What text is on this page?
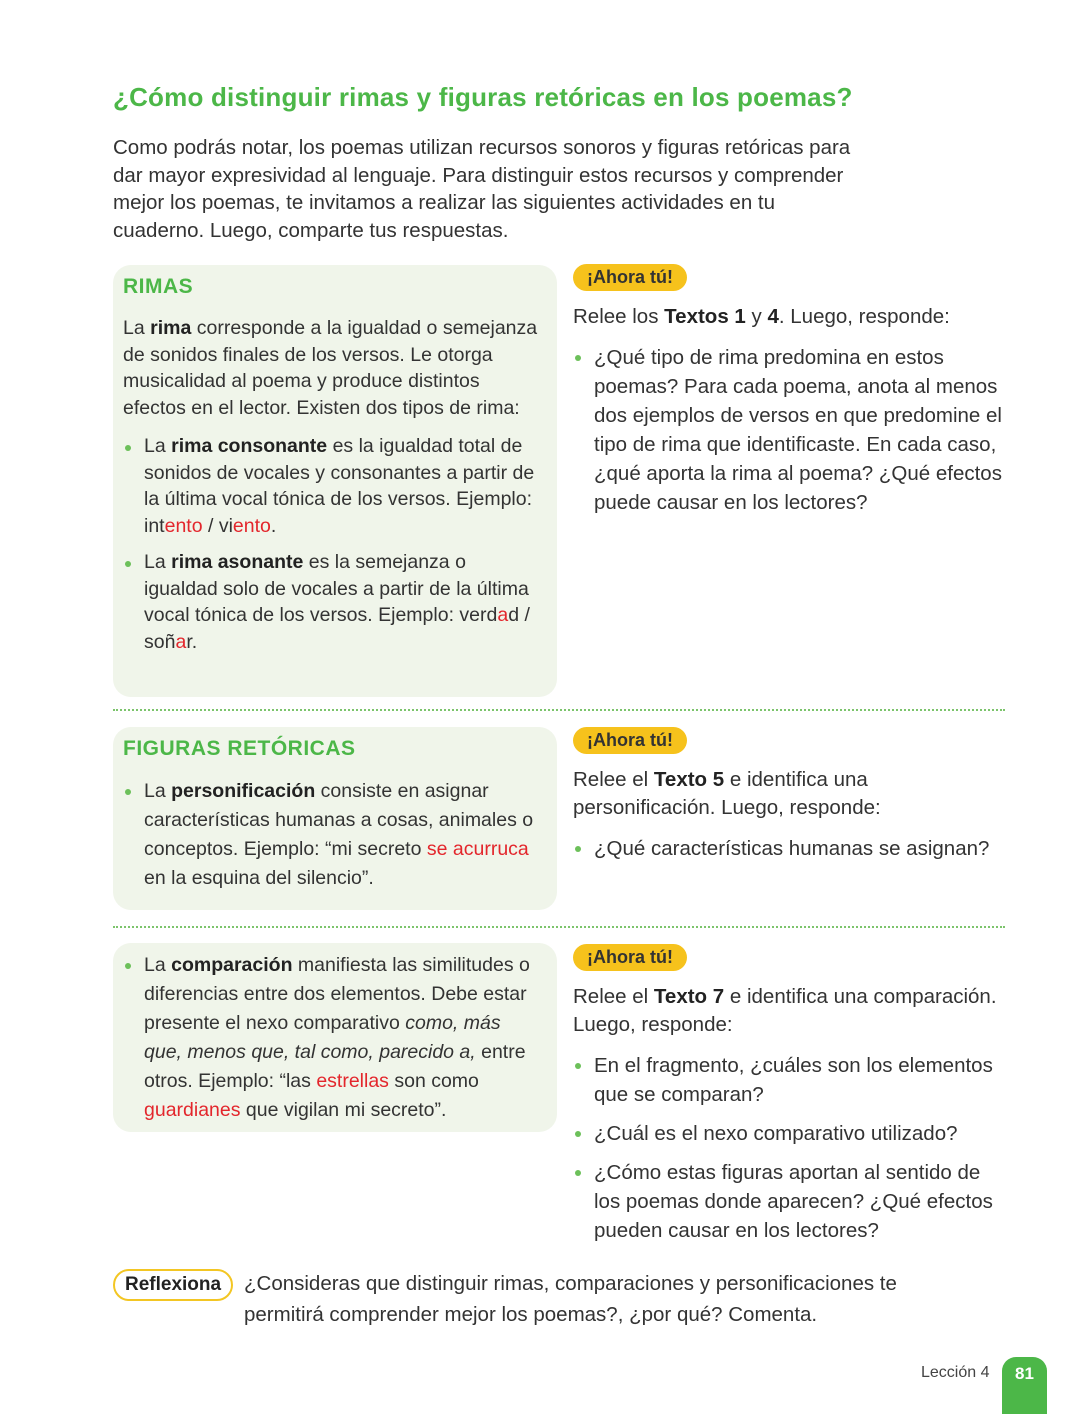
¿Cómo distinguir rimas y figuras retóricas en los poemas?
Como podrás notar, los poemas utilizan recursos sonoros y figuras retóricas para dar mayor expresividad al lenguaje. Para distinguir estos recursos y comprender mejor los poemas, te invitamos a realizar las siguientes actividades en tu cuaderno. Luego, comparte tus respuestas.
RIMAS

La rima corresponde a la igualdad o semejanza de sonidos finales de los versos. Le otorga musicalidad al poema y produce distintos efectos en el lector. Existen dos tipos de rima:

La rima consonante es la igualdad total de sonidos de vocales y consonantes a partir de la última vocal tónica de los versos. Ejemplo: intento / viento.
La rima asonante es la semejanza o igualdad solo de vocales a partir de la última vocal tónica de los versos. Ejemplo: verdad / soñar.
¡Ahora tú!

Relee los Textos 1 y 4. Luego, responde:

¿Qué tipo de rima predomina en estos poemas? Para cada poema, anota al menos dos ejemplos de versos en que predomine el tipo de rima que identificaste. En cada caso, ¿qué aporta la rima al poema? ¿Qué efectos puede causar en los lectores?
FIGURAS RETÓRICAS
La personificación consiste en asignar características humanas a cosas, animales o conceptos. Ejemplo: “mi secreto se acurruca en la esquina del silencio”.
¡Ahora tú!

Relee el Texto 5 e identifica una personificación. Luego, responde:

¿Qué características humanas se asignan?
La comparación manifiesta las similitudes o diferencias entre dos elementos. Debe estar presente el nexo comparativo como, más que, menos que, tal como, parecido a, entre otros. Ejemplo: “las estrellas son como guardianes que vigilan mi secreto”.
¡Ahora tú!

Relee el Texto 7 e identifica una comparación. Luego, responde:

En el fragmento, ¿cuáles son los elementos que se comparan?
¿Cuál es el nexo comparativo utilizado?
¿Cómo estas figuras aportan al sentido de los poemas donde aparecen? ¿Qué efectos pueden causar en los lectores?
Reflexiona	¿Consideras que distinguir rimas, comparaciones y personificaciones te permitirá comprender mejor los poemas?, ¿por qué? Comenta.
Lección 4	81
